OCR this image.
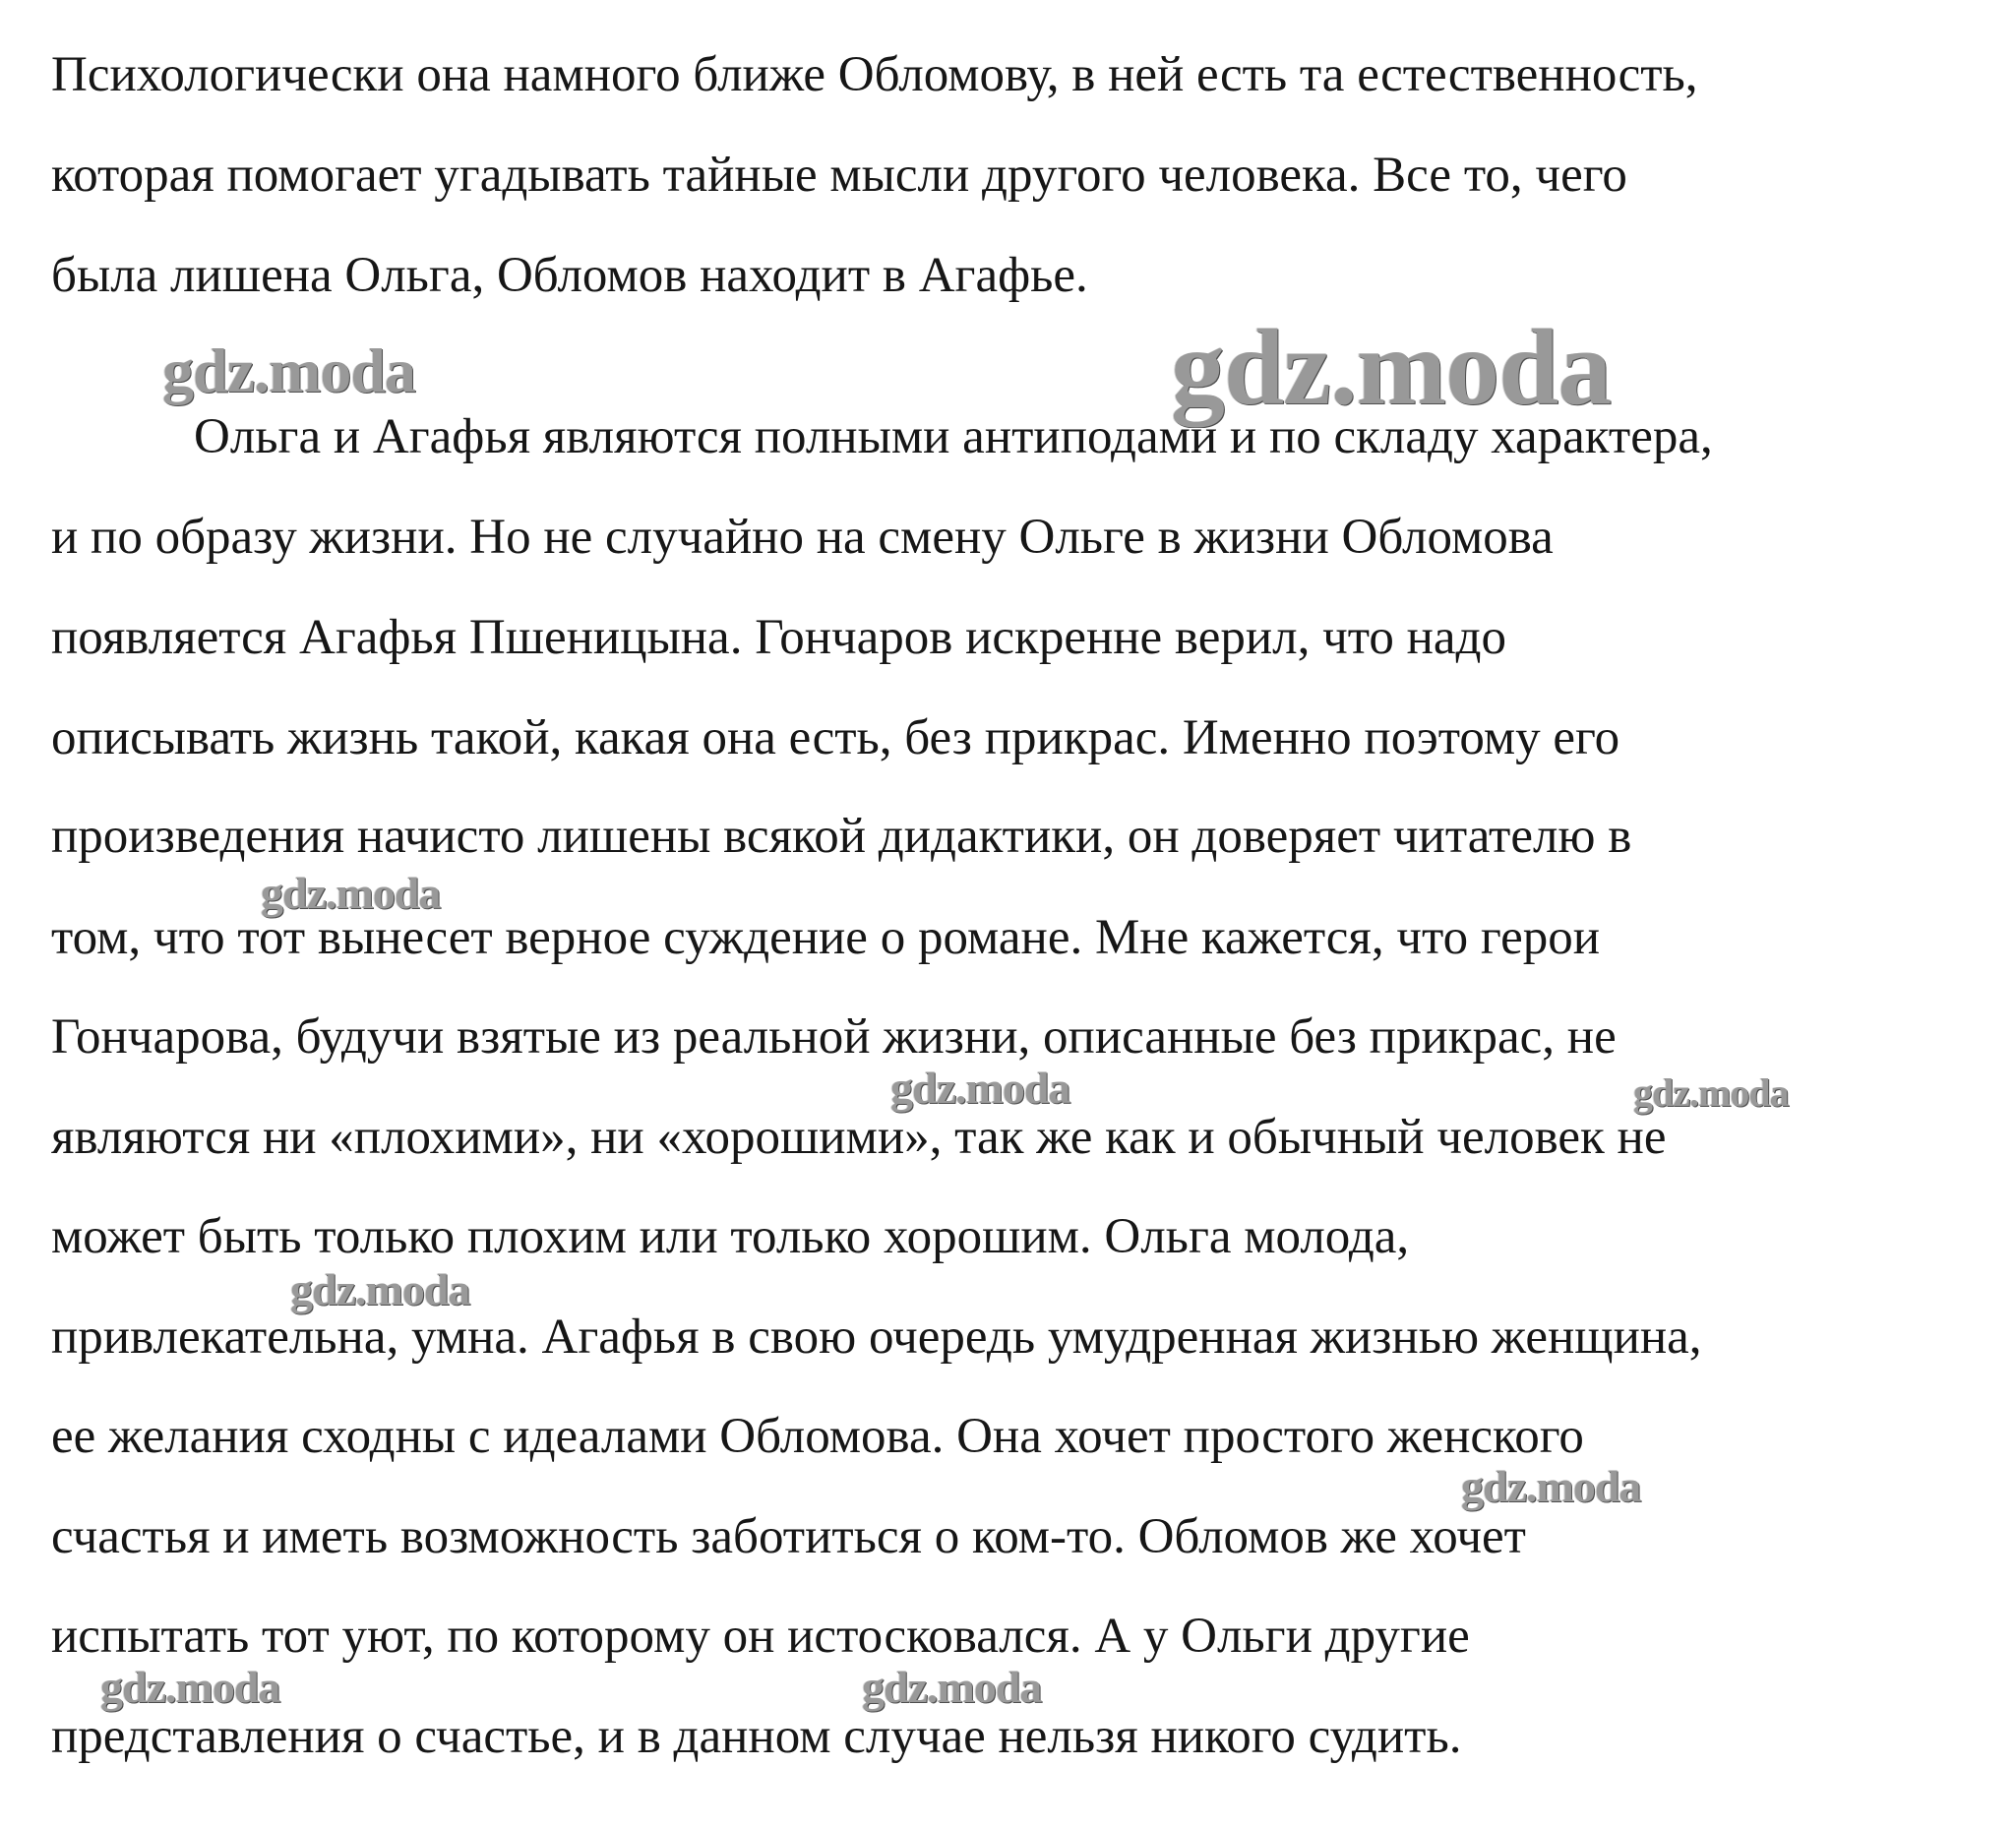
Психологически она намного ближе Обломову, в ней есть та естественность,

которая помогает угадывать тайные мысли другого человека. Все то, чего

была лишена Ольга, Обломов находит в Агафье.

Ольга и Агафья являются полными антиподами и по складу характера,

и по образу жизни. Но не случайно на смену Ольге в жизни Обломова

появляется Агафья Пшеницына. Гончаров искренне верил, что надо

описывать жизнь такой, какая она есть, без прикрас. Именно поэтому его

произведения начисто лишены всякой дидактики, он доверяет читателю в

том, что тот вынесет верное суждение о романе. Мне кажется, что герои

Гончарова, будучи взятые из реальной жизни, описанные без прикрас, не

являются ни «плохими», ни «хорошими», так же как и обычный человек не

может быть только плохим или только хорошим. Ольга молода,

привлекательна, умна. Агафья в свою очередь умудренная жизнью женщина,

ее желания сходны с идеалами Обломова. Она хочет простого женского

счастья и иметь возможность заботиться о ком-то. Обломов же хочет

испытать тот уют, по которому он истосковался. А у Ольги другие

представления о счастье, и в данном случае нельзя никого судить.

gdz.moda	gdz.moda
gdz.moda
gdz.moda	gdz.moda
gdz.moda
gdz.moda
gdz.moda	gdz.moda
